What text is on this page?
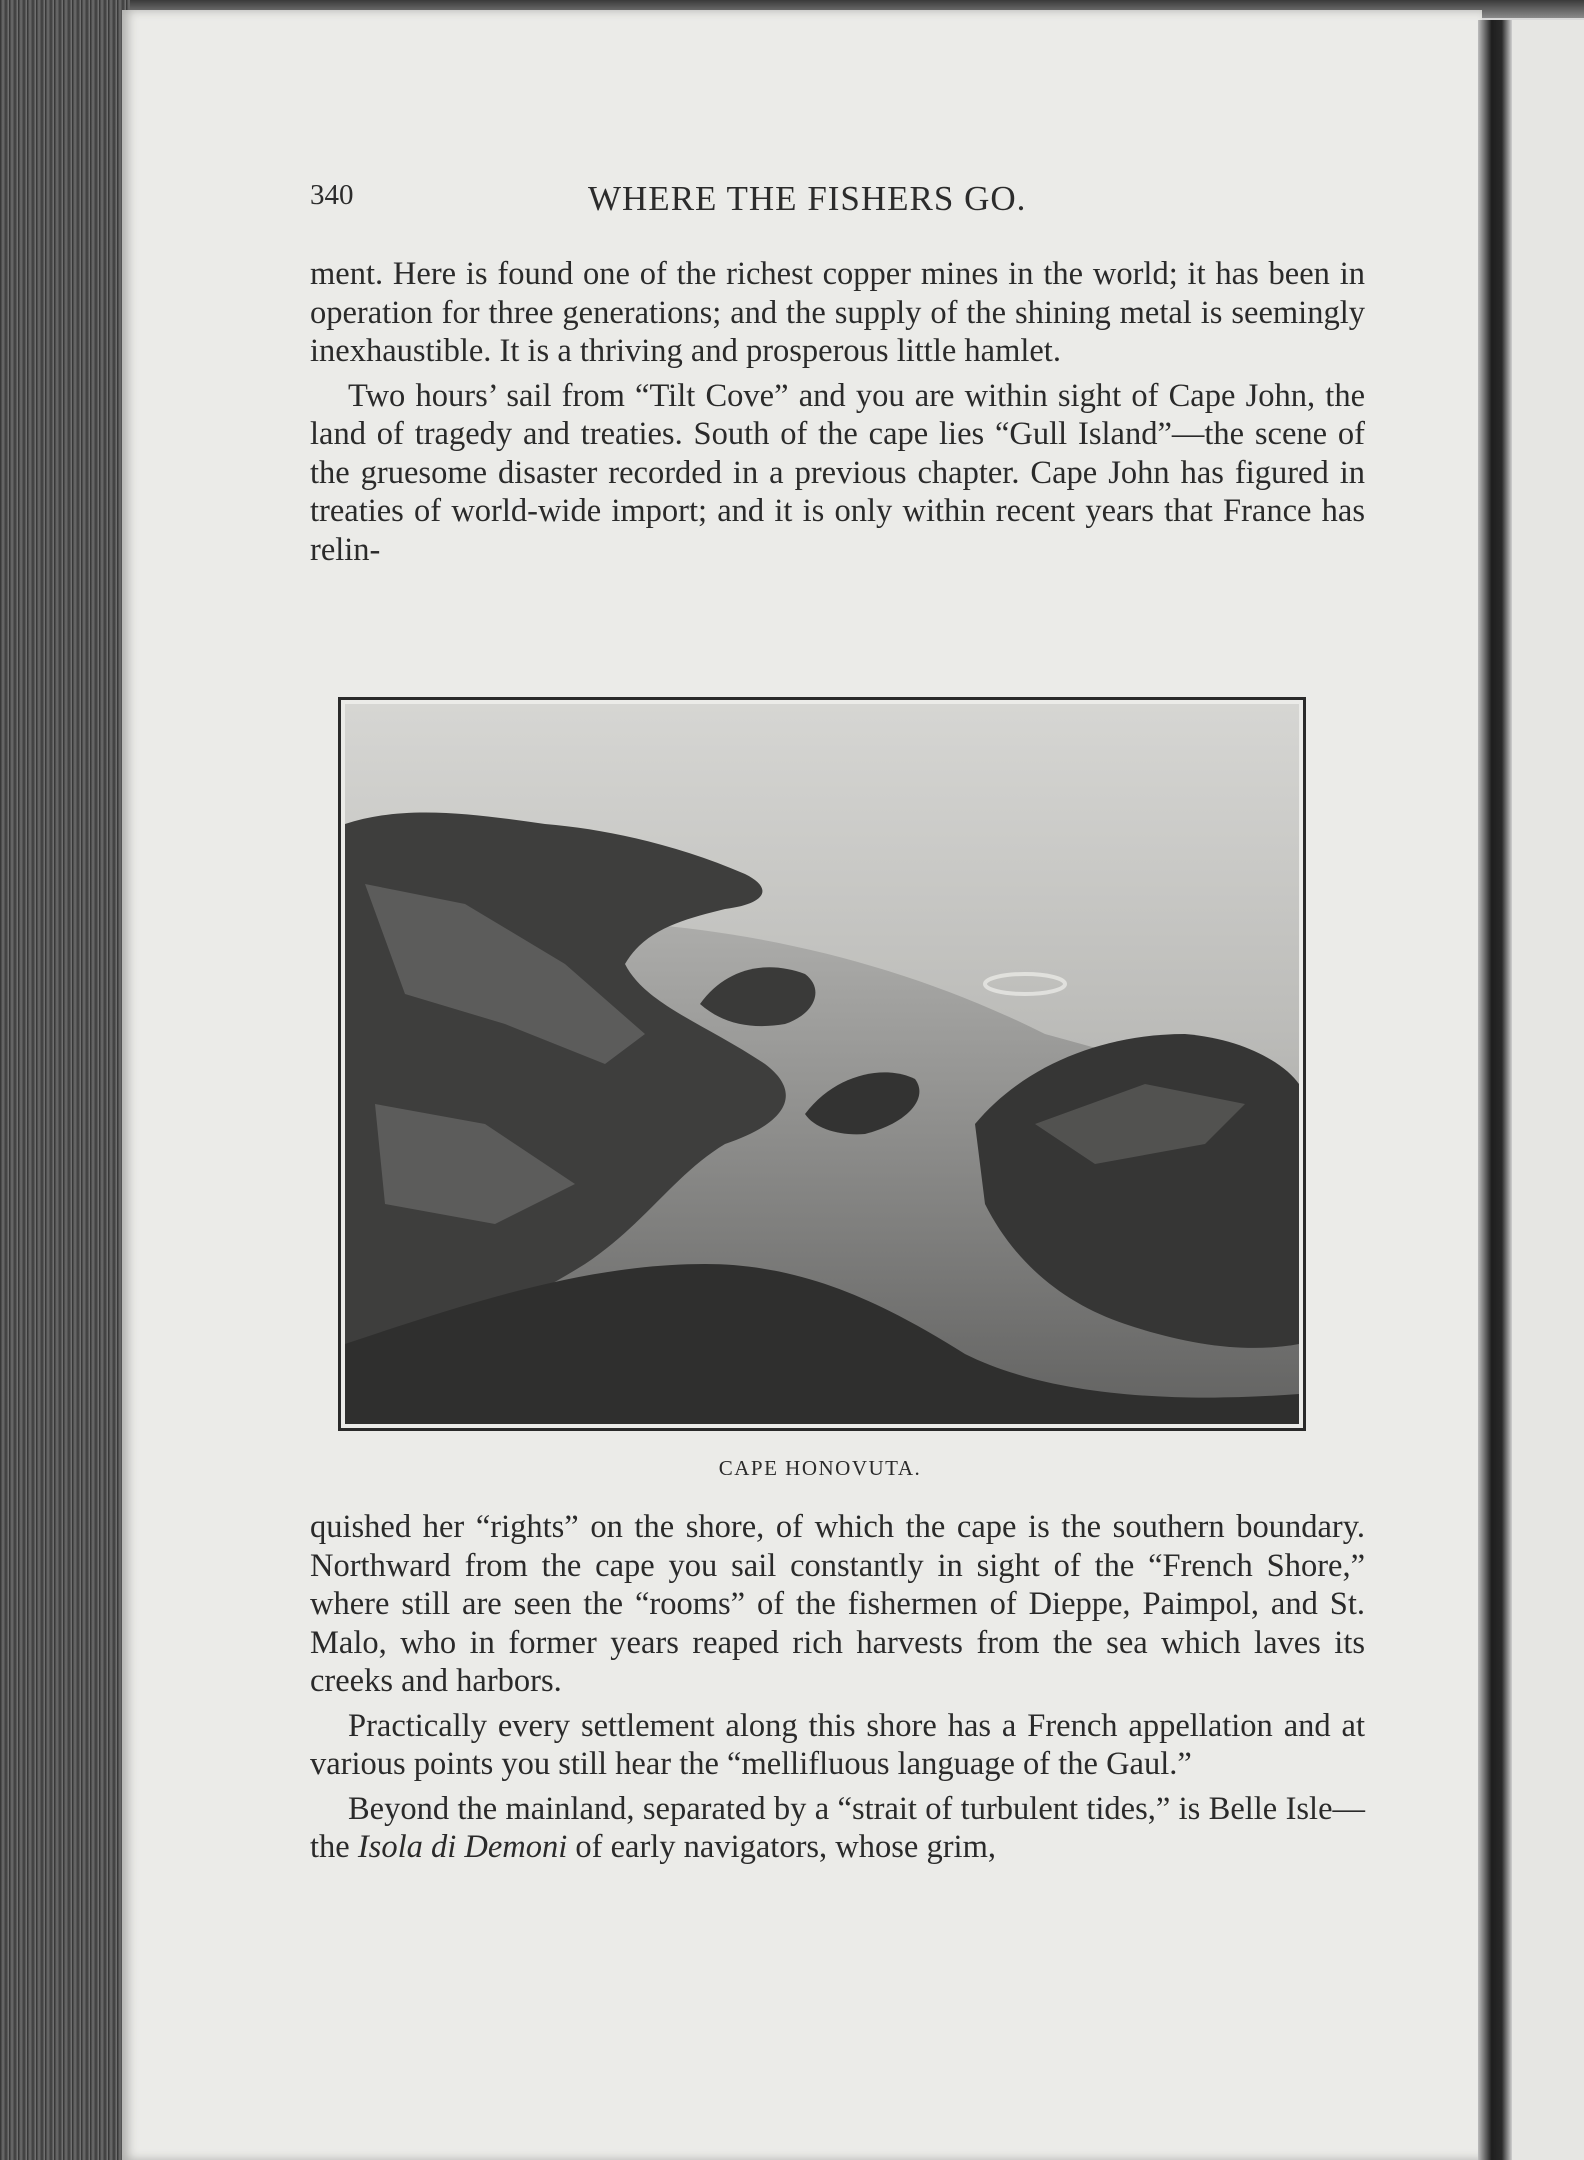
340	WHERE THE FISHERS GO.

ment. Here is found one of the richest copper mines in the world; it has been in operation for three generations; and the supply of the shining metal is seemingly inexhaustible. It is a thriving and prosperous little hamlet.

Two hours’ sail from “Tilt Cove” and you are within sight of Cape John, the land of tragedy and treaties. South of the cape lies “Gull Island”—the scene of the gruesome disaster recorded in a previous chapter. Cape John has figured in treaties of world-wide import; and it is only within recent years that France has relin-

CAPE HONOVUTA.

quished her “rights” on the shore, of which the cape is the southern boundary. Northward from the cape you sail constantly in sight of the “French Shore,” where still are seen the “rooms” of the fishermen of Dieppe, Paimpol, and St. Malo, who in former years reaped rich harvests from the sea which laves its creeks and harbors.

Practically every settlement along this shore has a French appellation and at various points you still hear the “mellifluous language of the Gaul.”

Beyond the mainland, separated by a “strait of turbulent tides,” is Belle Isle—the Isola di Demoni of early navigators, whose grim,
